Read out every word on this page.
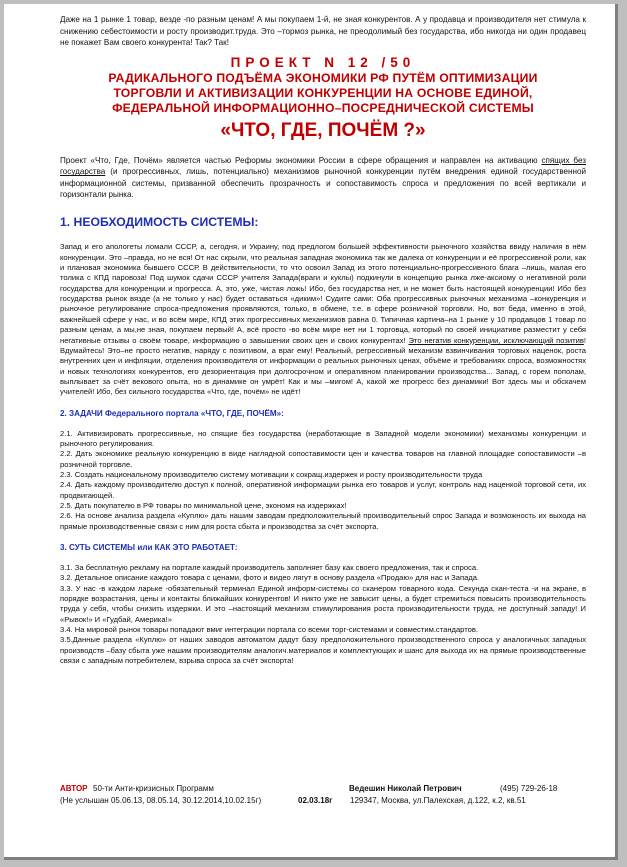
Даже на 1 рынке 1 товар, везде -по разным ценам! А мы покупаем 1-й, не зная конкурентов. А у продавца и производителя нет стимула к снижению себестоимости и росту производит.труда. Это –тормоз рынка, не преодолимый без государства, ибо никогда ни один продавец не покажет Вам своего конкурента! Так? Так!

ПРОЕКТ N 12 /50

РАДИКАЛЬНОГО ПОДЪЁМА ЭКОНОМИКИ РФ ПУТЁМ ОПТИМИЗАЦИИ

ТОРГОВЛИ И АКТИВИЗАЦИИ КОНКУРЕНЦИИ НА ОСНОВЕ ЕДИНОЙ,

ФЕДЕРАЛЬНОЙ ИНФОРМАЦИОННО–ПОСРЕДНИЧЕСКОЙ СИСТЕМЫ

«ЧТО, ГДЕ, ПОЧЁМ ?»

Проект «Что, Где, Почём» является частью Реформы экономики России в сфере обращения и направлен на активацию спящих без государства (и прогрессивных, лишь, потенциально) механизмов рыночной конкуренции путём внедрения единой государственной информационной системы, призванной обеспечить прозрачность и сопоставимость спроса и предложения по всей вертикали и горизонтали рынка.

1. НЕОБХОДИМОСТЬ СИСТЕМЫ:

Запад и его апологеты ломали СССР, а, сегодня, и Украину, под предлогом большей эффективности рыночного хозяйства ввиду наличия в нём конкуренции. Это –правда, но не вся! От нас скрыли, что реальная западная экономика так же далека от конкуренции и её прогрессивной роли, как и плановая экономика бывшего СССР. В действительности, то что освоил Запад из этого потенциально-прогрессивного блага –лишь, малая его толика с КПД паровоза! Под шумок сдачи СССР учителя Запада(враги и куклы) подкинули в концепцию рынка лже-аксиому о негативной роли государства для конкуренции и прогресса. А, это, уже, чистая ложь! Ибо, без государства нет, и не может быть настоящей конкуренции! Ибо без государства рынок вязде (а не только у нас) будет оставаться «диким»! Судите сами: Оба прогрессивных рыночных механизма –конкуренция и рыночное регулирование спроса-предложения проявляются, только, в обмене, т.е. в сфере розничной торговли. Но, вот беда, именно в этой, важнейшей сфере у нас, и во всём мире, КПД этих прогрессивных механизмов равна 0. Типичная картина–на 1 рынке у 10 продавцов 1 товар по разным ценам, а мы,не зная, покупаем первый! А, всё просто -во всём мире нет ни 1 торговца, который по своей инициативе разместит у себя негативные отзывы о своём товаре, информацию о завышении своих цен и своих конкурентах! Это негатив конкуренции, исключающий позитив! Вдумайтесь! Это–не просто негатив, наряду с позитивом, а враг ему! Реальный, регрессивный механизм взвинчивания торговых наценок, роста внутренних цен и инфляции, отделения производителя от информации о реальных рыночных ценах, объёме и требованиях спроса, возможностях и новых технологиях конкурентов, его дезориентация при долгосрочном и оперативном планировании производства... Запад, с горем пополам, выплывает за счёт векового опыта, но в динамике он умрёт! Как и мы –мигом! А, какой же прогресс без динамики! Вот здесь мы и обскачем учителей! Ибо, без сильного государства «Что, где, почём» не идёт!

2. ЗАДАЧИ Федерального портала «ЧТО, ГДЕ, ПОЧЁМ»:

2.1. Активизировать прогрессивные, но спящие без государства (неработающие в Западной модели экономики) механизмы конкуренции и рыночного регулирования.
2.2. Дать экономике реальную конкуренцию в виде наглядной сопоставимости цен и качества товаров на главной площадке сопоставимости –в розничной торговле.
2.3. Создать национальному производителю систему мотивации к сокращ.издержек и росту производительности труда
2.4. Дать каждому производителю доступ к полной, оперативной информации рынка его товаров и услуг, контроль над наценкой торговой сети, их продвигающей.
2.5. Дать покупателю в РФ товары по минимальной цене, экономя на издержках!
2.6. На основе анализа раздела «Куплю» дать нашим заводам предположительный производительный спрос Запада и возможность их выхода на прямые производственные связи с ним для роста сбыта и производства за счёт экспорта.

3. СУТЬ СИСТЕМЫ или КАК ЭТО РАБОТАЕТ:

3.1. За бесплатную рекламу на портале каждый производитель заполняет базу как своего предложения, так и спроса.
3.2. Детальное описание каждого товара с ценами, фото и видео лягут в основу раздела «Продаю» для нас и Запада.
3.3. У нас -в каждом ларьке -обязательный терминал Единой информ-системы со сканером товарного кода. Секунда скан-теста -и на экране, в порядке возрастания, цены и контакты ближайших конкурентов! И никто уже не завысит цены, а будет стремиться повысить производительность труда у себя, чтобы снизить издержки. И это –настоящий механизм стимулирования роста производительности труда, не доступный западу! И «Рывок!» И «Гудбай, Америка!»
3.4. На мировой рынок товары попадают вмиг интеграции портала со всеми торг-системами и совместим.стандартов.
3.5.Данные раздела «Куплю» от наших заводов автоматом дадут базу предположительного производственного спроса у аналогичных западных производств –базу сбыта уже нашим производителям аналогич.материалов и комплектующих и шанс для выхода их на прямые производственные связи с западным потребителем, взрыва спроса за счёт экспорта!
АВТОР 50-ти Анти-кризисных Программ	Ведешин Николай Петрович	(495) 729-26-18
(Не услышан 05.06.13, 08.05.14, 30.12.2014,10.02.15г)	02.03.18г 129347, Москва, ул.Палехская, д.122, к.2, кв.51
